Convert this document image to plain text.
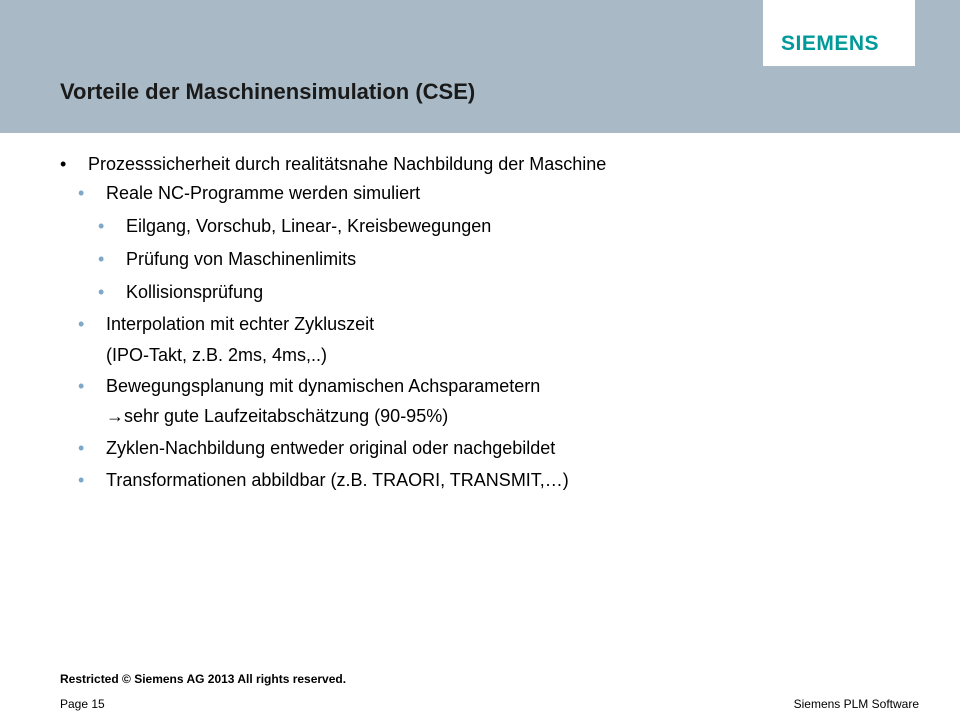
SIEMENS
Vorteile der Maschinensimulation (CSE)
• Prozesssicherheit durch realitätsnahe Nachbildung der Maschine
• Reale NC-Programme werden simuliert
• Eilgang, Vorschub, Linear-, Kreisbewegungen
• Prüfung von Maschinenlimits
• Kollisionsprüfung
• Interpolation mit echter Zykluszeit
(IPO-Takt, z.B. 2ms, 4ms,..)
• Bewegungsplanung mit dynamischen Achsparametern
→sehr gute Laufzeitabschätzung (90-95%)
• Zyklen-Nachbildung entweder original oder nachgebildet
• Transformationen abbildbar (z.B. TRAORI, TRANSMIT,…)
Restricted © Siemens AG 2013 All rights reserved.
Page 15	Siemens PLM Software
